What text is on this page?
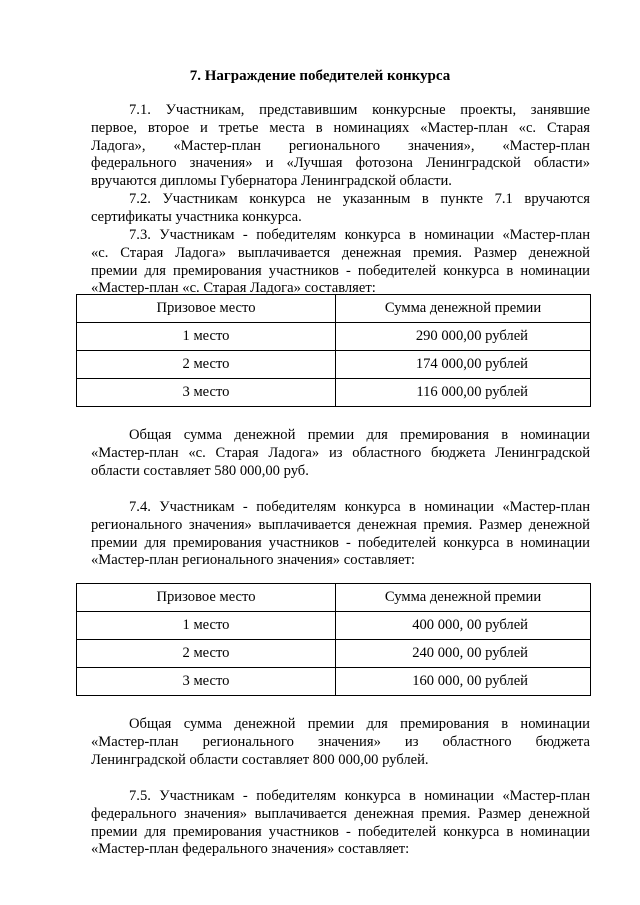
7. Награждение победителей конкурса
7.1. Участникам, представившим конкурсные проекты, занявшие
первое, второе и третье места в номинациях «Мастер-план «с. Старая
Ладога», «Мастер-план регионального значения», «Мастер-план
федерального значения» и «Лучшая фотозона Ленинградской области»
вручаются дипломы Губернатора Ленинградской области.
7.2. Участникам конкурса не указанным в пункте 7.1 вручаются
сертификаты участника конкурса.
7.3. Участникам - победителям конкурса в номинации «Мастер-план
«с. Старая Ладога» выплачивается денежная премия. Размер денежной
премии для премирования участников - победителей конкурса в номинации
«Мастер-план «с. Старая Ладога» составляет:
Призовое место	Сумма денежной премии
1 место	290 000,00 рублей
2 место	174 000,00 рублей
3 место	116 000,00 рублей
Общая сумма денежной премии для премирования в номинации
«Мастер-план «с. Старая Ладога» из областного бюджета Ленинградской
области составляет 580 000,00 руб.
7.4. Участникам - победителям конкурса в номинации «Мастер-план
регионального значения» выплачивается денежная премия. Размер денежной
премии для премирования участников - победителей конкурса в номинации
«Мастер-план регионального значения» составляет:
Призовое место	Сумма денежной премии
1 место	400 000, 00 рублей
2 место	240 000, 00 рублей
3 место	160 000, 00 рублей
Общая сумма денежной премии для премирования в номинации
«Мастер-план регионального значения» из областного бюджета
Ленинградской области составляет 800 000,00 рублей.
7.5. Участникам - победителям конкурса в номинации «Мастер-план
федерального значения» выплачивается денежная премия. Размер денежной
премии для премирования участников - победителей конкурса в номинации
«Мастер-план федерального значения» составляет:
